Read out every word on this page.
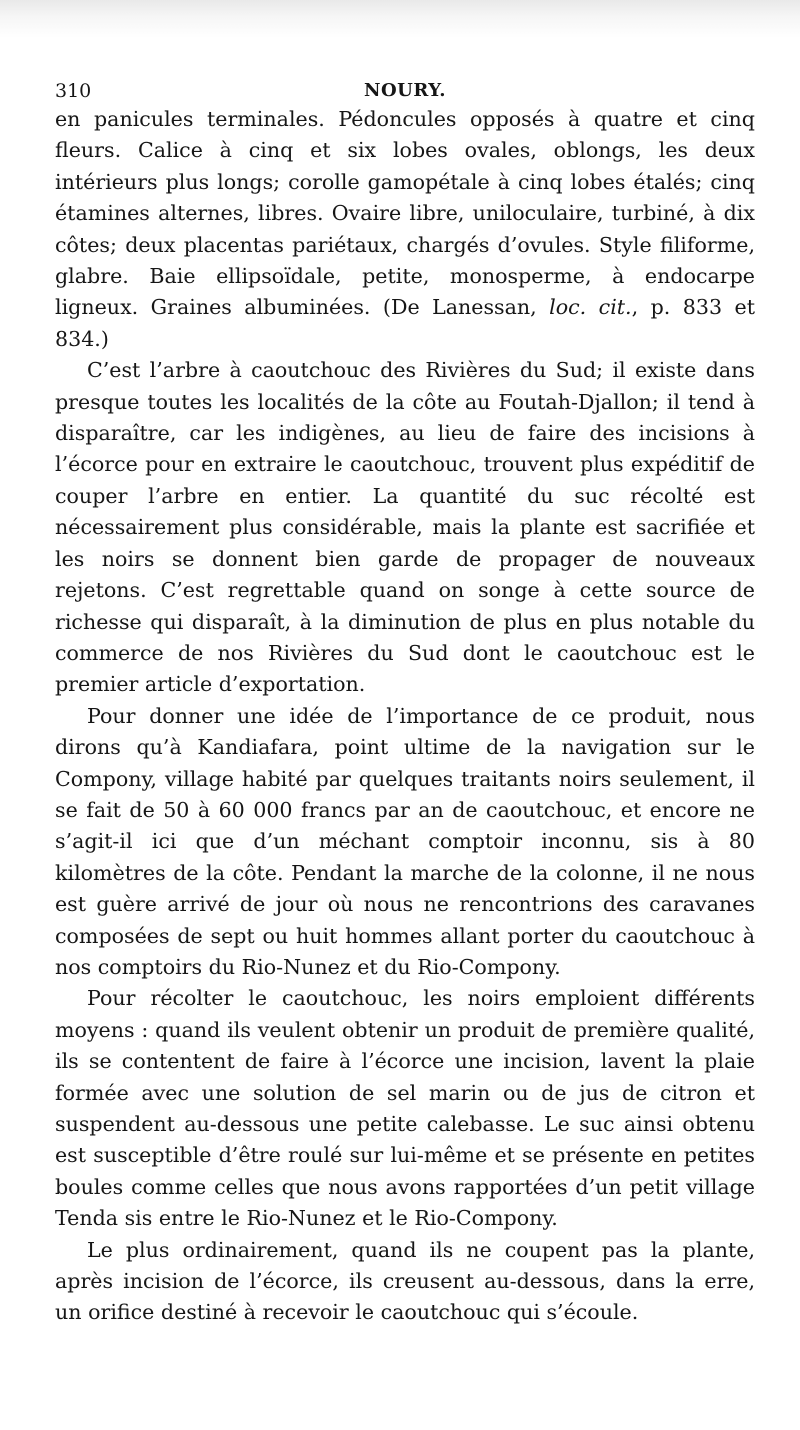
310	NOURY.

en panicules terminales. Pédoncules opposés à quatre et cinq fleurs. Calice à cinq et six lobes ovales, oblongs, les deux intérieurs plus longs; corolle gamopétale à cinq lobes étalés; cinq étamines alternes, libres. Ovaire libre, uniloculaire, turbiné, à dix côtes; deux placentas pariétaux, chargés d’ovules. Style filiforme, glabre. Baie ellipsoïdale, petite, monosperme, à endocarpe ligneux. Graines albuminées. (De Lanessan, loc. cit., p. 833 et 834.)

C’est l’arbre à caoutchouc des Rivières du Sud; il existe dans presque toutes les localités de la côte au Foutah-Djallon; il tend à disparaître, car les indigènes, au lieu de faire des incisions à l’écorce pour en extraire le caoutchouc, trouvent plus expéditif de couper l’arbre en entier. La quantité du suc récolté est nécessairement plus considérable, mais la plante est sacrifiée et les noirs se donnent bien garde de propager de nouveaux rejetons. C’est regrettable quand on songe à cette source de richesse qui disparaît, à la diminution de plus en plus notable du commerce de nos Rivières du Sud dont le caoutchouc est le premier article d’exportation.

Pour donner une idée de l’importance de ce produit, nous dirons qu’à Kandiafara, point ultime de la navigation sur le Compony, village habité par quelques traitants noirs seulement, il se fait de 50 à 60 000 francs par an de caoutchouc, et encore ne s’agit-il ici que d’un méchant comptoir inconnu, sis à 80 kilomètres de la côte. Pendant la marche de la colonne, il ne nous est guère arrivé de jour où nous ne rencontrions des caravanes composées de sept ou huit hommes allant porter du caoutchouc à nos comptoirs du Rio-Nunez et du Rio-Compony.

Pour récolter le caoutchouc, les noirs emploient différents moyens : quand ils veulent obtenir un produit de première qualité, ils se contentent de faire à l’écorce une incision, lavent la plaie formée avec une solution de sel marin ou de jus de citron et suspendent au-dessous une petite calebasse. Le suc ainsi obtenu est susceptible d’être roulé sur lui-même et se présente en petites boules comme celles que nous avons rapportées d’un petit village Tenda sis entre le Rio-Nunez et le Rio-Compony.

Le plus ordinairement, quand ils ne coupent pas la plante, après incision de l’écorce, ils creusent au-dessous, dans la erre, un orifice destiné à recevoir le caoutchouc qui s’écoule.
